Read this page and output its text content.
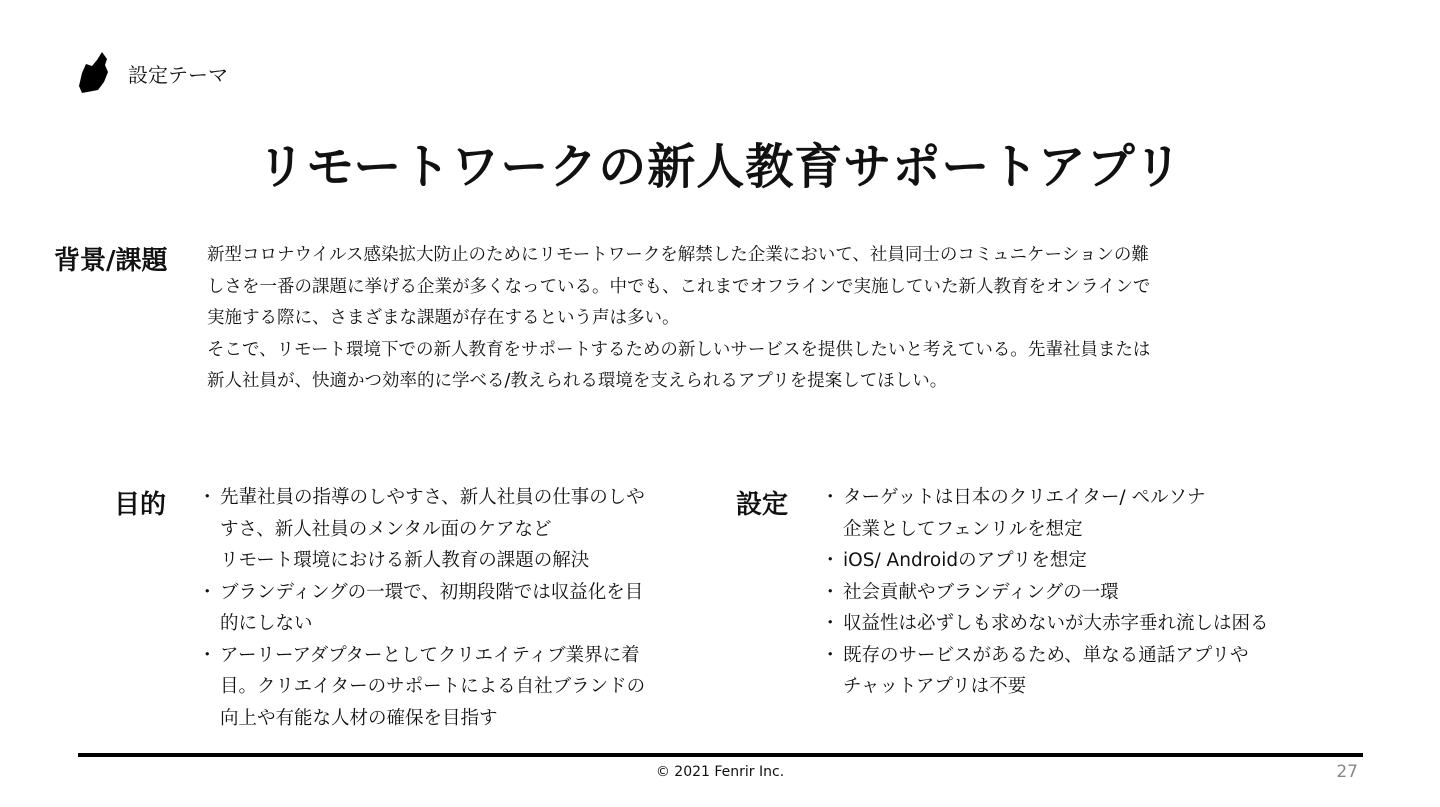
設定テーマ
リモートワークの新人教育サポートアプリ
背景/課題 新型コロナウイルス感染拡大防止のためにリモートワークを解禁した企業において、社員同士のコミュニケーションの難

しさを一番の課題に挙げる企業が多くなっている。中でも、これまでオフラインで実施していた新人教育をオンラインで

実施する際に、さまざまな課題が存在するという声は多い。

そこで、リモート環境下での新人教育をサポートするための新しいサービスを提供したいと考えている。先輩社員または

新人社員が、快適かつ効率的に学べる/教えられる環境を支えられるアプリを提案してほしい。

目的 ・ 先輩社員の指導のしやすさ、新人社員の仕事のしや
すさ、新人社員のメンタル面のケアなど
リモート環境における新人教育の課題の解決
・ ブランディングの一環で、初期段階では収益化を目
的にしない
・ アーリーアダプターとしてクリエイティブ業界に着
目。クリエイターのサポートによる自社ブランドの
向上や有能な人材の確保を目指す
設定 ・ ターゲットは日本のクリエイター/ ペルソナ
企業としてフェンリルを想定
・ iOS/ Androidのアプリを想定
・ 社会貢献やブランディングの一環
・ 収益性は必ずしも求めないが大赤字垂れ流しは困る
・ 既存のサービスがあるため、単なる通話アプリや
チャットアプリは不要
© 2021 Fenrir Inc.	27
